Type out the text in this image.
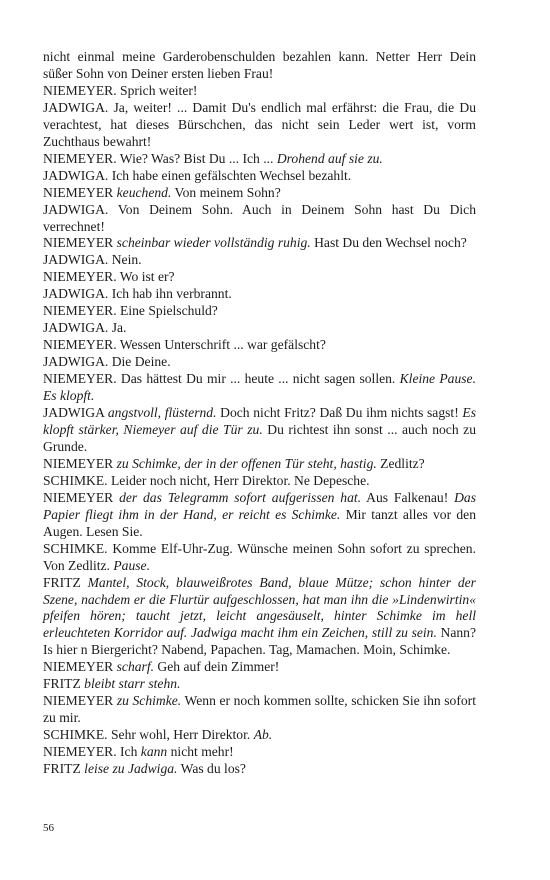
nicht einmal meine Garderobenschulden bezahlen kann. Netter Herr Dein süßer Sohn von Deiner ersten lieben Frau!
NIEMEYER. Sprich weiter!
JADWIGA. Ja, weiter! ... Damit Du's endlich mal erfährst: die Frau, die Du verachtest, hat dieses Bürschchen, das nicht sein Leder wert ist, vorm Zuchthaus bewahrt!
NIEMEYER. Wie? Was? Bist Du ... Ich ... Drohend auf sie zu.
JADWIGA. Ich habe einen gefälschten Wechsel bezahlt.
NIEMEYER keuchend. Von meinem Sohn?
JADWIGA. Von Deinem Sohn. Auch in Deinem Sohn hast Du Dich verrechnet!
NIEMEYER scheinbar wieder vollständig ruhig. Hast Du den Wechsel noch?
JADWIGA. Nein.
NIEMEYER. Wo ist er?
JADWIGA. Ich hab ihn verbrannt.
NIEMEYER. Eine Spielschuld?
JADWIGA. Ja.
NIEMEYER. Wessen Unterschrift ... war gefälscht?
JADWIGA. Die Deine.
NIEMEYER. Das hättest Du mir ... heute ... nicht sagen sollen. Kleine Pause. Es klopft.
JADWIGA angstvoll, flüsternd. Doch nicht Fritz? Daß Du ihm nichts sagst! Es klopft stärker, Niemeyer auf die Tür zu. Du richtest ihn sonst ... auch noch zu Grunde.
NIEMEYER zu Schimke, der in der offenen Tür steht, hastig. Zedlitz?
SCHIMKE. Leider noch nicht, Herr Direktor. Ne Depesche.
NIEMEYER der das Telegramm sofort aufgerissen hat. Aus Falkenau! Das Papier fliegt ihm in der Hand, er reicht es Schimke. Mir tanzt alles vor den Augen. Lesen Sie.
SCHIMKE. Komme Elf-Uhr-Zug. Wünsche meinen Sohn sofort zu sprechen. Von Zedlitz. Pause.
FRITZ Mantel, Stock, blauweißrotes Band, blaue Mütze; schon hinter der Szene, nachdem er die Flurtür aufgeschlossen, hat man ihn die »Lindenwirtin« pfeifen hören; taucht jetzt, leicht angesäuselt, hinter Schimke im hell erleuchteten Korridor auf. Jadwiga macht ihm ein Zeichen, still zu sein. Nann? Is hier n Biergericht? Nabend, Papachen. Tag, Mamachen. Moin, Schimke.
NIEMEYER scharf. Geh auf dein Zimmer!
FRITZ bleibt starr stehn.
NIEMEYER zu Schimke. Wenn er noch kommen sollte, schicken Sie ihn sofort zu mir.
SCHIMKE. Sehr wohl, Herr Direktor. Ab.
NIEMEYER. Ich kann nicht mehr!
FRITZ leise zu Jadwiga. Was du los?
56
